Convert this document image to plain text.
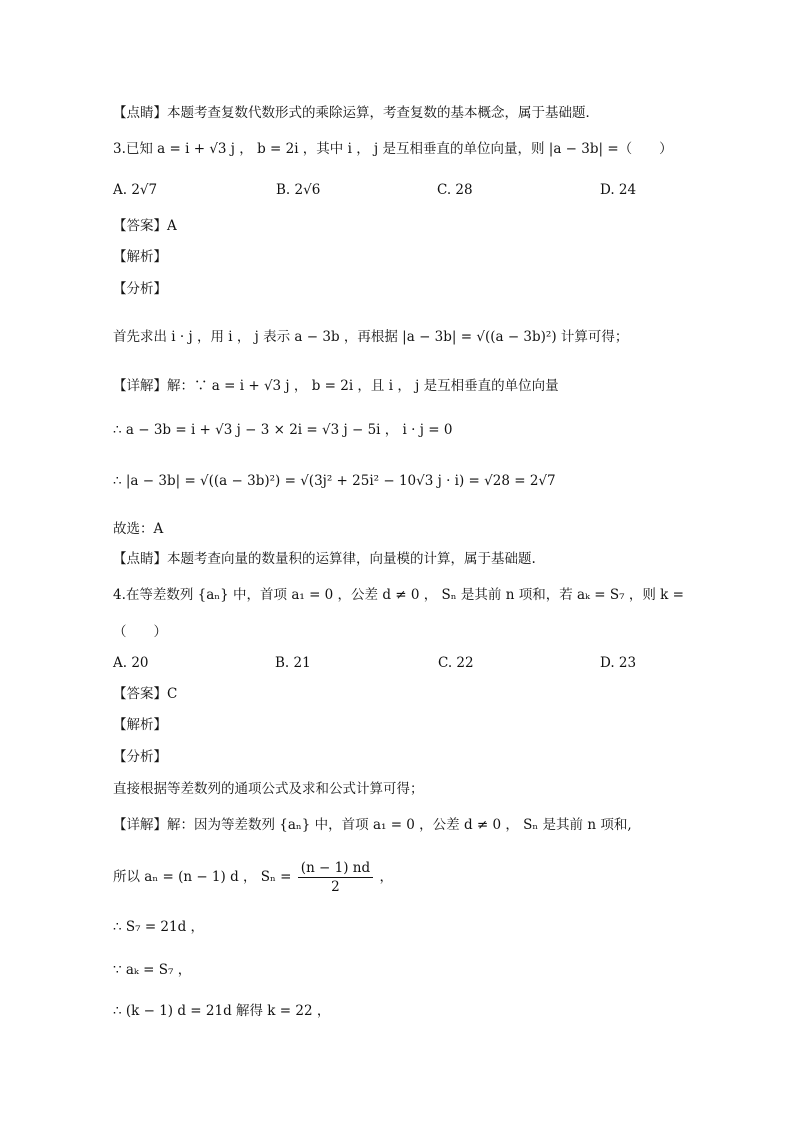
【点睛】本题考查复数代数形式的乘除运算，考查复数的基本概念，属于基础题．
3.已知 a = i + √3 j ， b = 2i ，其中 i ， j 是互相垂直的单位向量，则 |a − 3b| =（　　）
A. 2√7	B. 2√6	C. 28	D. 24
【答案】A
【解析】
【分析】
首先求出 i · j ，用 i ， j 表示 a − 3b ，再根据 |a − 3b| = √((a − 3b)²) 计算可得；
【详解】解：∵ a = i + √3 j ， b = 2i ，且 i ， j 是互相垂直的单位向量
∴ a − 3b = i + √3 j − 3 × 2i = √3 j − 5i ， i · j = 0
∴ |a − 3b| = √((a − 3b)²) = √(3j² + 25i² − 10√3 j · i) = √28 = 2√7
故选：A
【点睛】本题考查向量的数量积的运算律，向量模的计算，属于基础题.
4.在等差数列 {aₙ} 中，首项 a₁ = 0 ，公差 d ≠ 0 ， Sₙ 是其前 n 项和，若 aₖ = S₇ ，则 k =
（　　）
A. 20	B. 21	C. 22	D. 23
【答案】C
【解析】
【分析】
直接根据等差数列的通项公式及求和公式计算可得；
【详解】解：因为等差数列 {aₙ} 中，首项 a₁ = 0 ，公差 d ≠ 0 ， Sₙ 是其前 n 项和,
所以 aₙ = (n − 1) d ， $S_n = \frac{(n - 1) nd}{2}$ ，
∴ S₇ = 21d ，
∵ aₖ = S₇ ，
∴ (k − 1) d = 21d 解得 k = 22 ，
